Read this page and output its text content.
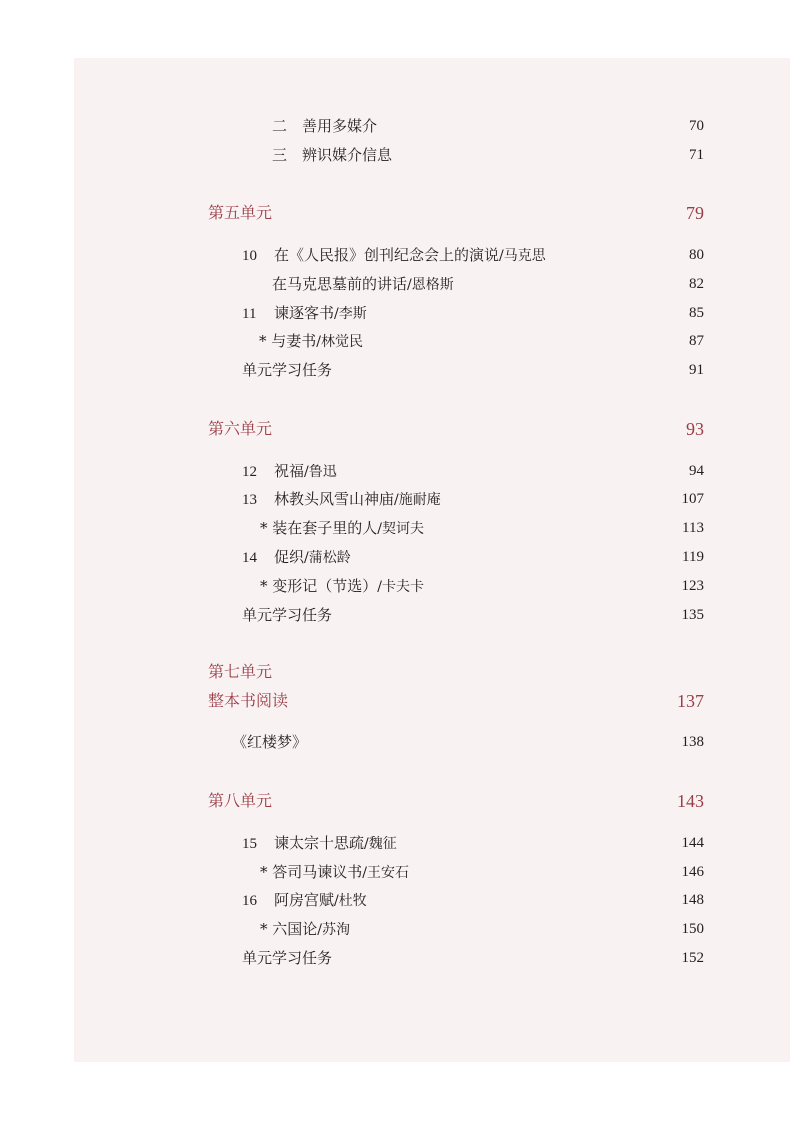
二　善用多媒介	70
三　辨识媒介信息	71
第五单元	79
10 在《人民报》创刊纪念会上的演说/马克思	80
在马克思墓前的讲话/恩格斯	82
11 谏逐客书/李斯	85
* 与妻书/林觉民	87
单元学习任务	91
第六单元	93
12 祝福/鲁迅	94
13 林教头风雪山神庙/施耐庵	107
* 装在套子里的人/契诃夫	113
14 促织/蒲松龄	119
* 变形记（节选）/卡夫卡	123
单元学习任务	135
第七单元
整本书阅读	137
《红楼梦》	138
第八单元	143
15 谏太宗十思疏/魏征	144
* 答司马谏议书/王安石	146
16 阿房宫赋/杜牧	148
* 六国论/苏洵	150
单元学习任务	152
